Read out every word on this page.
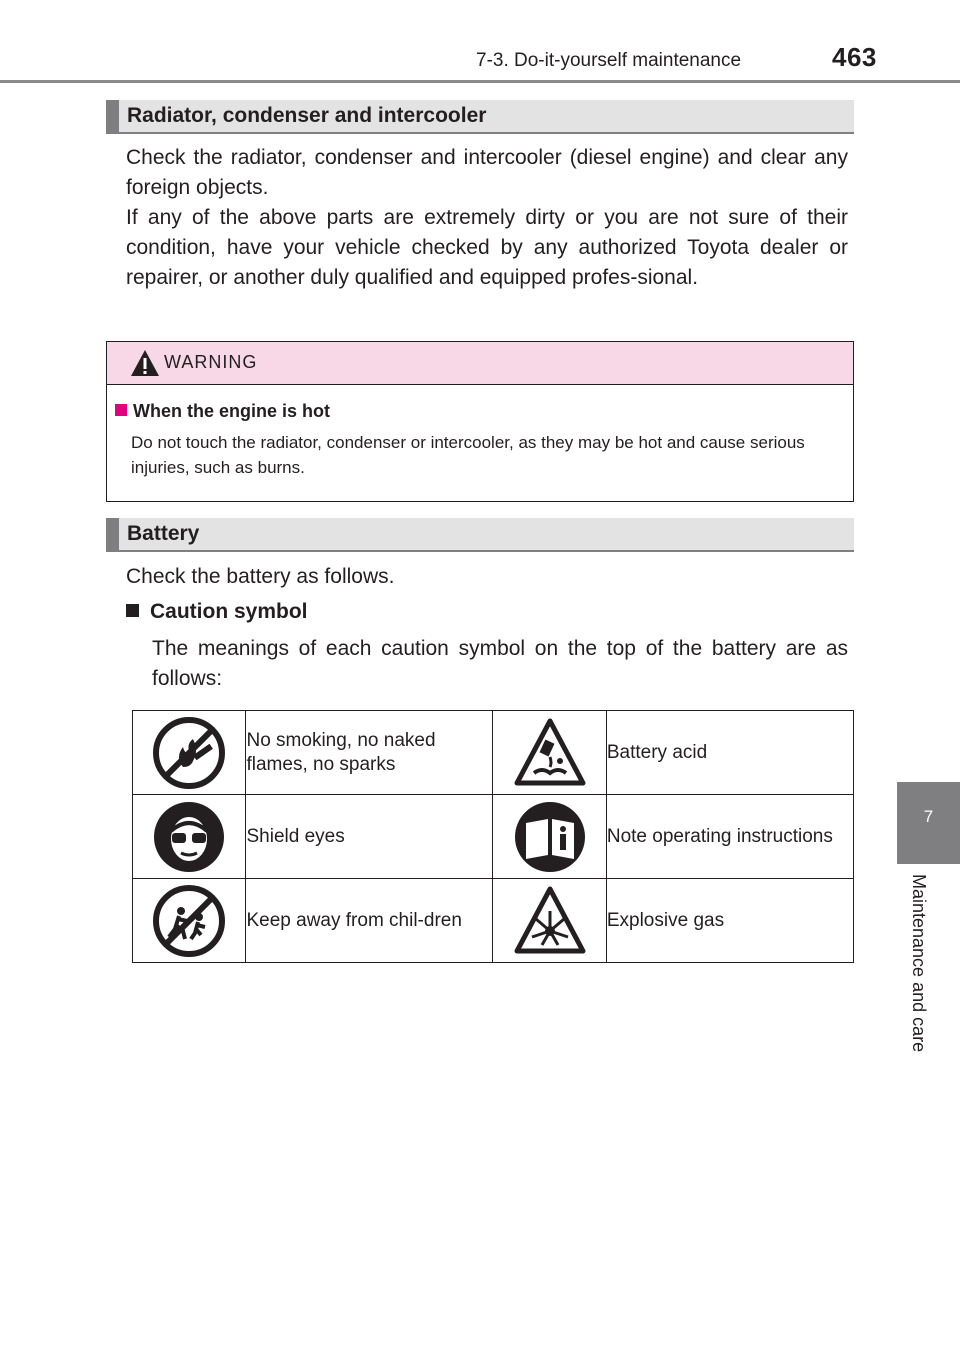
7-3. Do-it-yourself maintenance	463
7
Maintenance and care
Radiator, condenser and intercooler

Check the radiator, condenser and intercooler (diesel engine) and clear any foreign objects.

If any of the above parts are extremely dirty or you are not sure of their condition, have your vehicle checked by any authorized Toyota dealer or repairer, or another duly qualified and equipped profes-sional.

WARNING
When the engine is hot

Do not touch the radiator, condenser or intercooler, as they may be hot and cause serious injuries, such as burns.

Battery

Check the battery as follows.

Caution symbol

The meanings of each caution symbol on the top of the battery are as follows:

	No smoking, no naked flames, no sparks		Battery acid

	Shield eyes		Note operating instructions

	Keep away from chil-dren		Explosive gas
